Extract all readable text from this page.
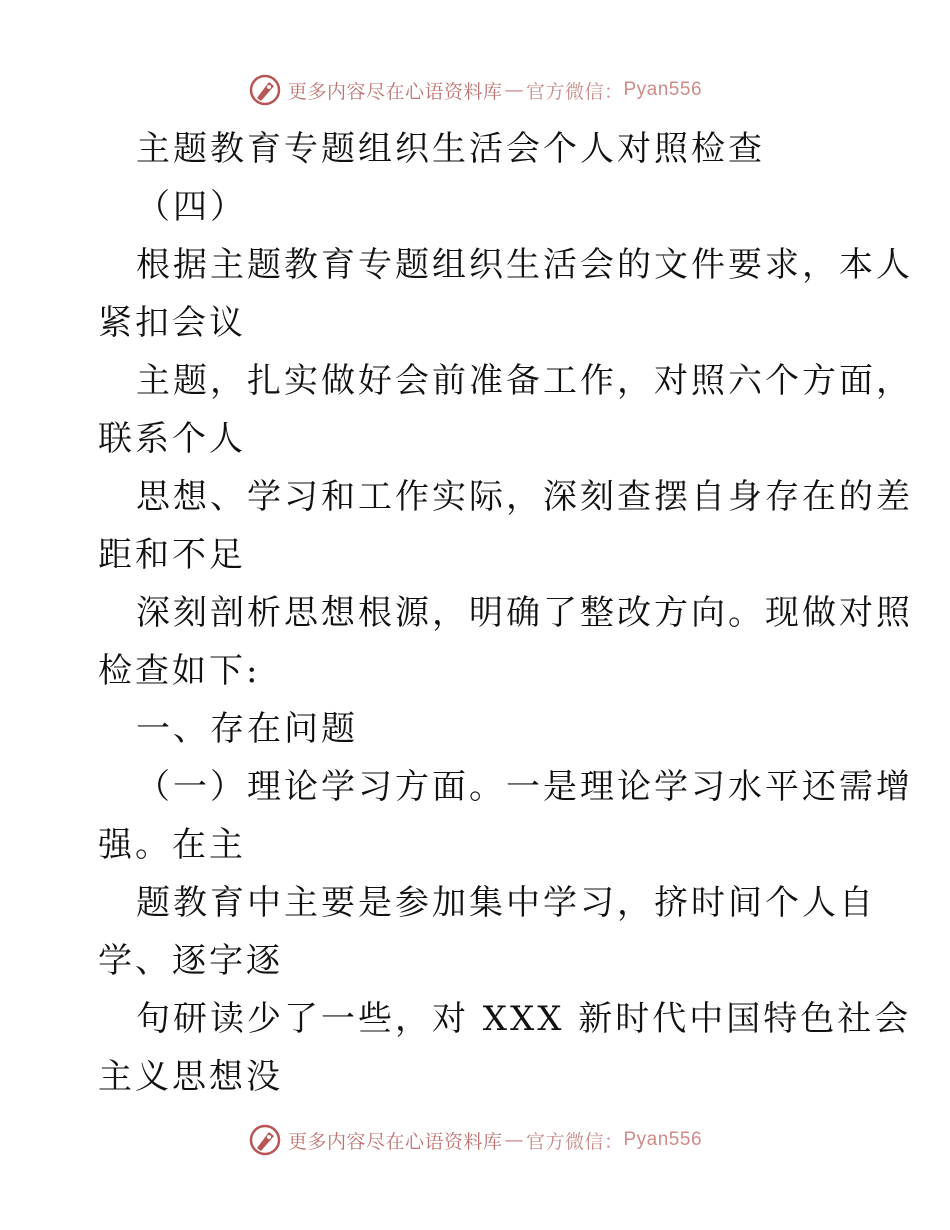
更多内容尽在心语资料库 — 官方微信： Pyan556
主题教育专题组织生活会个人对照检查
（四）
根据主题教育专题组织生活会的文件要求，本人
紧扣会议
主题，扎实做好会前准备工作，对照六个方面，
联系个人
思想、学习和工作实际，深刻查摆自身存在的差
距和不足
深刻剖析思想根源，明确了整改方向。现做对照
检查如下:
一、存在问题
（一）理论学习方面。一是理论学习水平还需增
强。在主
题教育中主要是参加集中学习，挤时间个人自
学、逐字逐
句研读少了一些，对 XXX 新时代中国特色社会
主义思想没
更多内容尽在心语资料库 — 官方微信： Pyan556
